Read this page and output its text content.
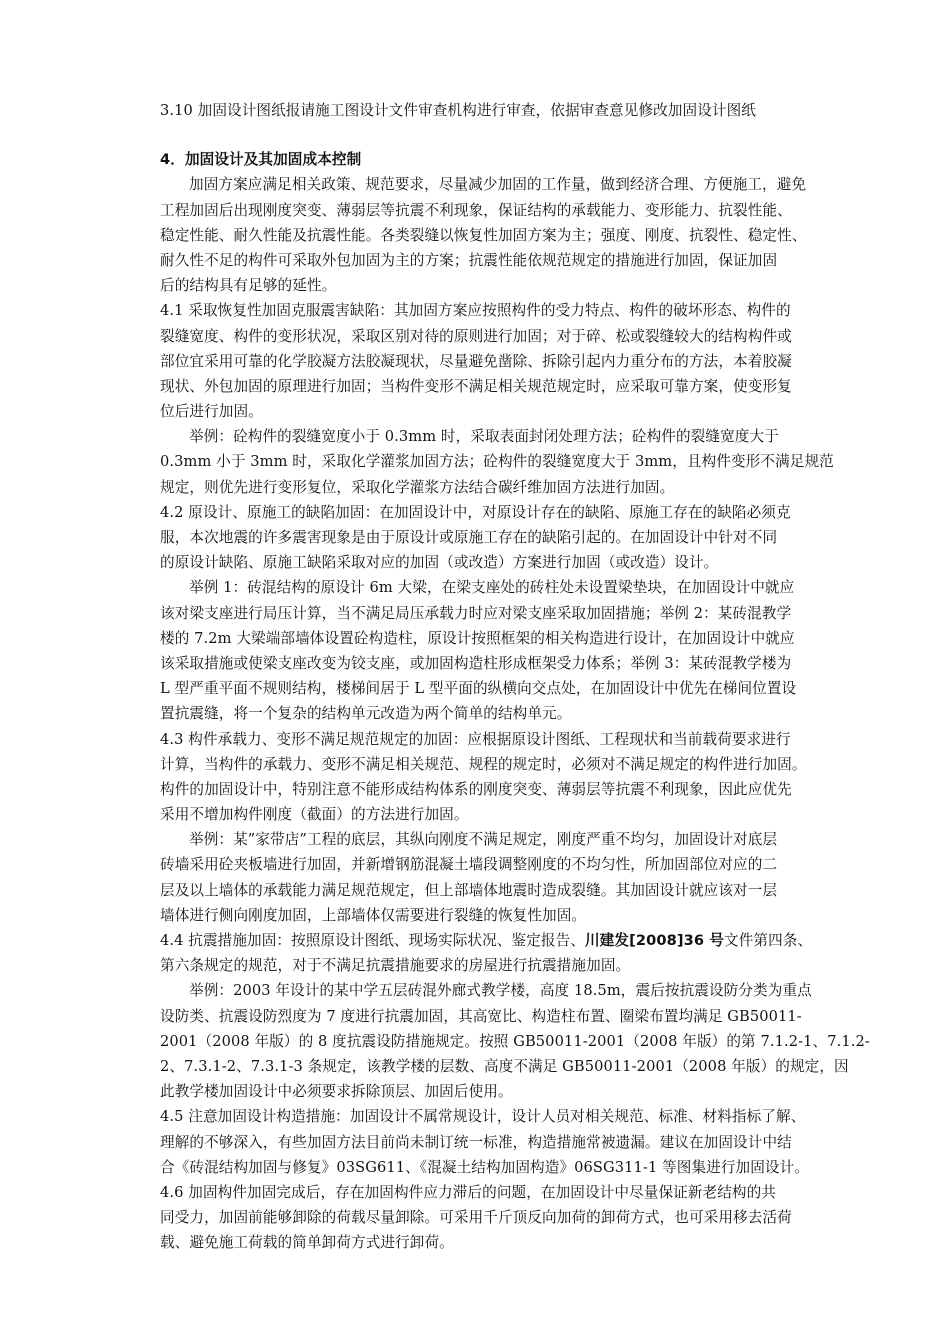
3.10 加固设计图纸报请施工图设计文件审查机构进行审查，依据审查意见修改加固设计图纸
4．加固设计及其加固成本控制
加固方案应满足相关政策、规范要求，尽量减少加固的工作量，做到经济合理、方便施工，避免
工程加固后出现刚度突变、薄弱层等抗震不利现象，保证结构的承载能力、变形能力、抗裂性能、
稳定性能、耐久性能及抗震性能。各类裂缝以恢复性加固方案为主；强度、刚度、抗裂性、稳定性、
耐久性不足的构件可采取外包加固为主的方案；抗震性能依规范规定的措施进行加固，保证加固
后的结构具有足够的延性。
4.1 采取恢复性加固克服震害缺陷：其加固方案应按照构件的受力特点、构件的破坏形态、构件的
裂缝宽度、构件的变形状况，采取区别对待的原则进行加固；对于碎、松或裂缝较大的结构构件或
部位宜采用可靠的化学胶凝方法胶凝现状，尽量避免凿除、拆除引起内力重分布的方法，本着胶凝
现状、外包加固的原理进行加固；当构件变形不满足相关规范规定时，应采取可靠方案，使变形复
位后进行加固。
举例：砼构件的裂缝宽度小于 0.3mm 时，采取表面封闭处理方法；砼构件的裂缝宽度大于
0.3mm 小于 3mm 时，采取化学灌浆加固方法；砼构件的裂缝宽度大于 3mm，且构件变形不满足规范
规定，则优先进行变形复位，采取化学灌浆方法结合碳纤维加固方法进行加固。
4.2 原设计、原施工的缺陷加固：在加固设计中，对原设计存在的缺陷、原施工存在的缺陷必须克
服，本次地震的许多震害现象是由于原设计或原施工存在的缺陷引起的。在加固设计中针对不同
的原设计缺陷、原施工缺陷采取对应的加固（或改造）方案进行加固（或改造）设计。
举例 1：砖混结构的原设计 6m 大梁，在梁支座处的砖柱处未设置梁垫块，在加固设计中就应
该对梁支座进行局压计算，当不满足局压承载力时应对梁支座采取加固措施；举例 2：某砖混教学
楼的 7.2m 大梁端部墙体设置砼构造柱，原设计按照框架的相关构造进行设计，在加固设计中就应
该采取措施或使梁支座改变为铰支座，或加固构造柱形成框架受力体系；举例 3：某砖混教学楼为
L 型严重平面不规则结构，楼梯间居于 L 型平面的纵横向交点处，在加固设计中优先在梯间位置设
置抗震缝，将一个复杂的结构单元改造为两个简单的结构单元。
4.3 构件承载力、变形不满足规范规定的加固：应根据原设计图纸、工程现状和当前载荷要求进行
计算，当构件的承载力、变形不满足相关规范、规程的规定时，必须对不满足规定的构件进行加固。
构件的加固设计中，特别注意不能形成结构体系的刚度突变、薄弱层等抗震不利现象，因此应优先
采用不增加构件刚度（截面）的方法进行加固。
举例：某”家带店”工程的底层，其纵向刚度不满足规定，刚度严重不均匀，加固设计对底层
砖墙采用砼夹板墙进行加固，并新增钢筋混凝土墙段调整刚度的不均匀性，所加固部位对应的二
层及以上墙体的承载能力满足规范规定，但上部墙体地震时造成裂缝。其加固设计就应该对一层
墙体进行侧向刚度加固，上部墙体仅需要进行裂缝的恢复性加固。
4.4 抗震措施加固：按照原设计图纸、现场实际状况、鉴定报告、川建发[2008]36 号文件第四条、
第六条规定的规范，对于不满足抗震措施要求的房屋进行抗震措施加固。
举例：2003 年设计的某中学五层砖混外廊式教学楼，高度 18.5m，震后按抗震设防分类为重点
设防类、抗震设防烈度为 7 度进行抗震加固，其高宽比、构造柱布置、圈梁布置均满足 GB50011-
2001（2008 年版）的 8 度抗震设防措施规定。按照 GB50011-2001（2008 年版）的第 7.1.2-1、7.1.2-
2、7.3.1-2、7.3.1-3 条规定，该教学楼的层数、高度不满足 GB50011-2001（2008 年版）的规定，因
此教学楼加固设计中必须要求拆除顶层、加固后使用。
4.5 注意加固设计构造措施：加固设计不属常规设计，设计人员对相关规范、标准、材料指标了解、
理解的不够深入，有些加固方法目前尚未制订统一标准，构造措施常被遗漏。建议在加固设计中结
合《砖混结构加固与修复》03SG611、《混凝土结构加固构造》06SG311-1 等图集进行加固设计。
4.6 加固构件加固完成后，存在加固构件应力滞后的问题，在加固设计中尽量保证新老结构的共
同受力，加固前能够卸除的荷载尽量卸除。可采用千斤顶反向加荷的卸荷方式，也可采用移去活荷
载、避免施工荷载的简单卸荷方式进行卸荷。
